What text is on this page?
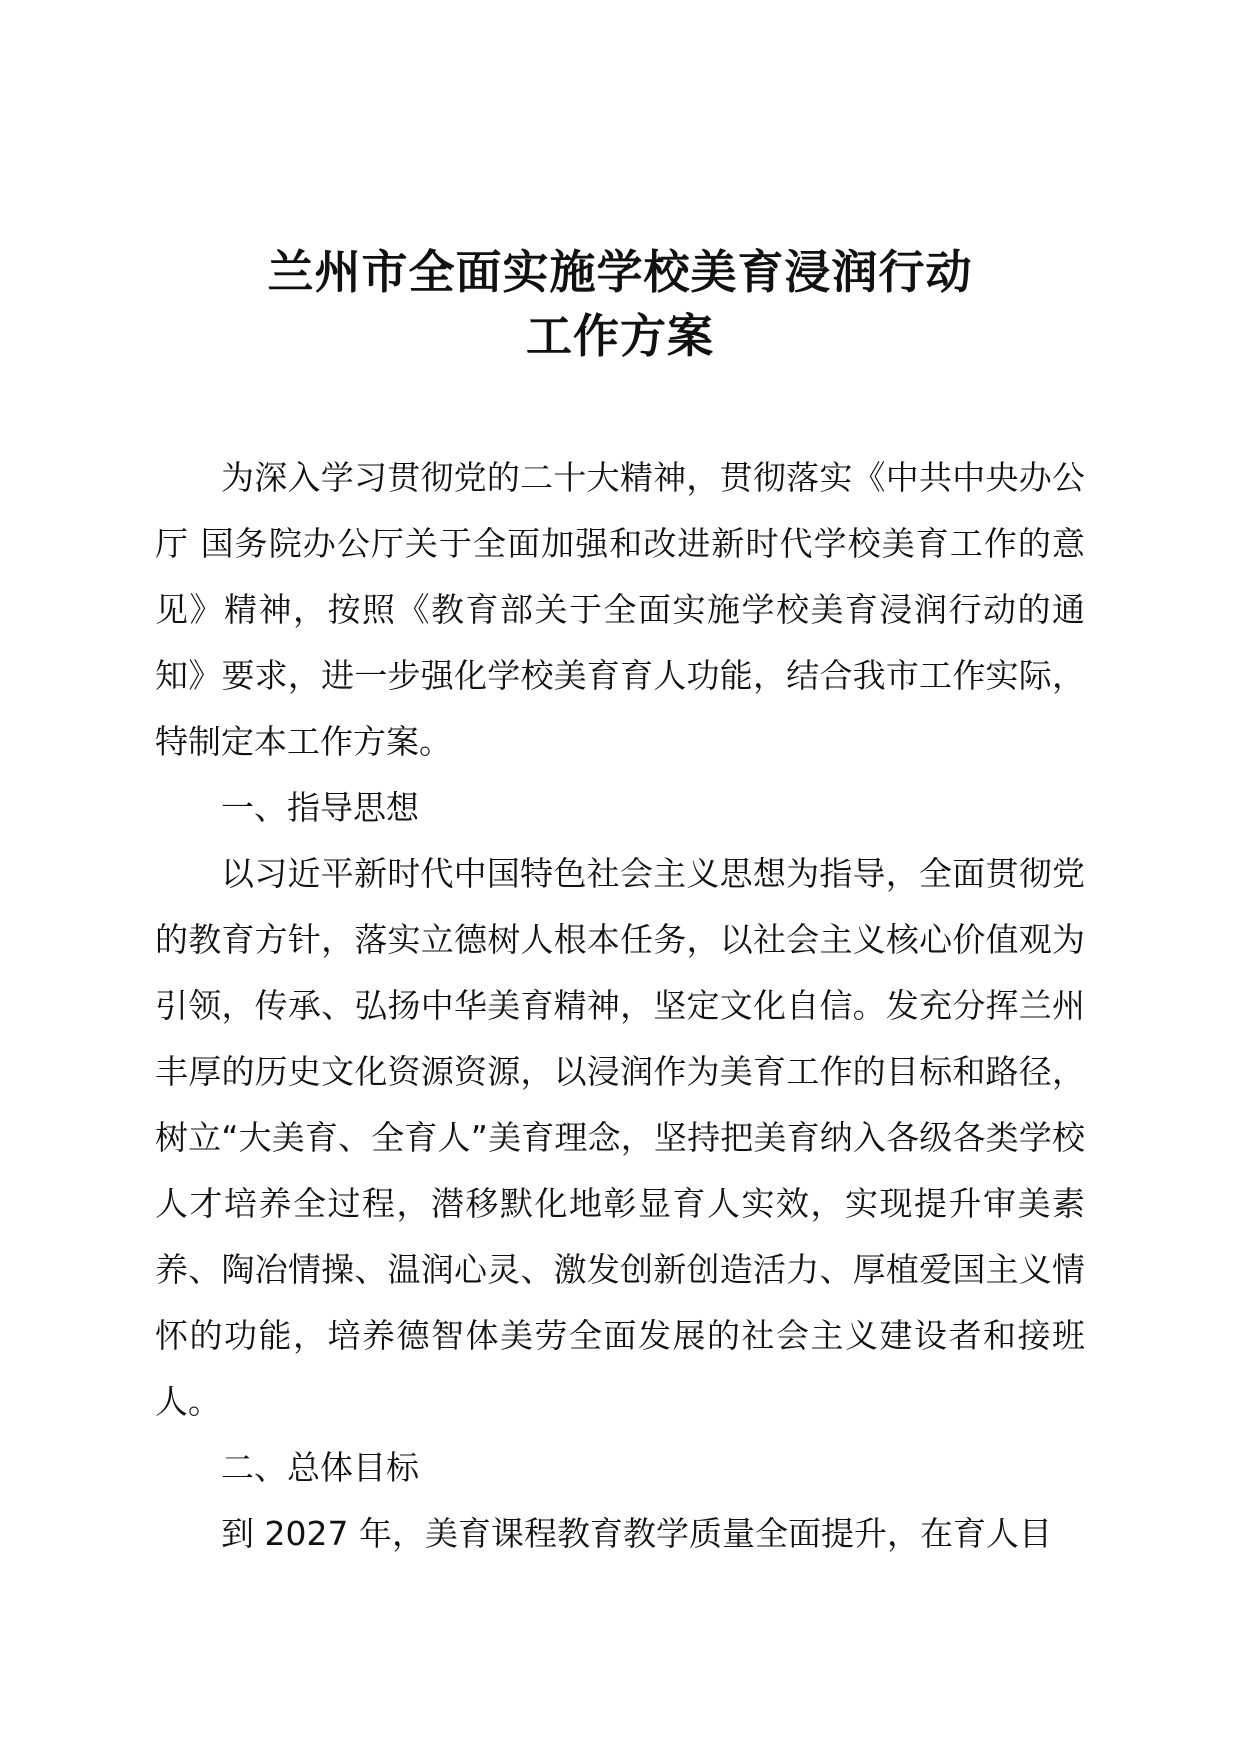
兰州市全面实施学校美育浸润行动
工作方案

为深入学习贯彻党的二十大精神，贯彻落实《中共中央办公厅 国务院办公厅关于全面加强和改进新时代学校美育工作的意见》精神，按照《教育部关于全面实施学校美育浸润行动的通知》要求，进一步强化学校美育育人功能，结合我市工作实际，特制定本工作方案。

一、指导思想

以习近平新时代中国特色社会主义思想为指导，全面贯彻党的教育方针，落实立德树人根本任务，以社会主义核心价值观为引领，传承、弘扬中华美育精神，坚定文化自信。发充分挥兰州丰厚的历史文化资源资源，以浸润作为美育工作的目标和路径，树立“大美育、全育人”美育理念，坚持把美育纳入各级各类学校人才培养全过程，潜移默化地彰显育人实效，实现提升审美素养、陶冶情操、温润心灵、激发创新创造活力、厚植爱国主义情怀的功能，培养德智体美劳全面发展的社会主义建设者和接班人。

二、总体目标

到 2027 年，美育课程教育教学质量全面提升，在育人目
